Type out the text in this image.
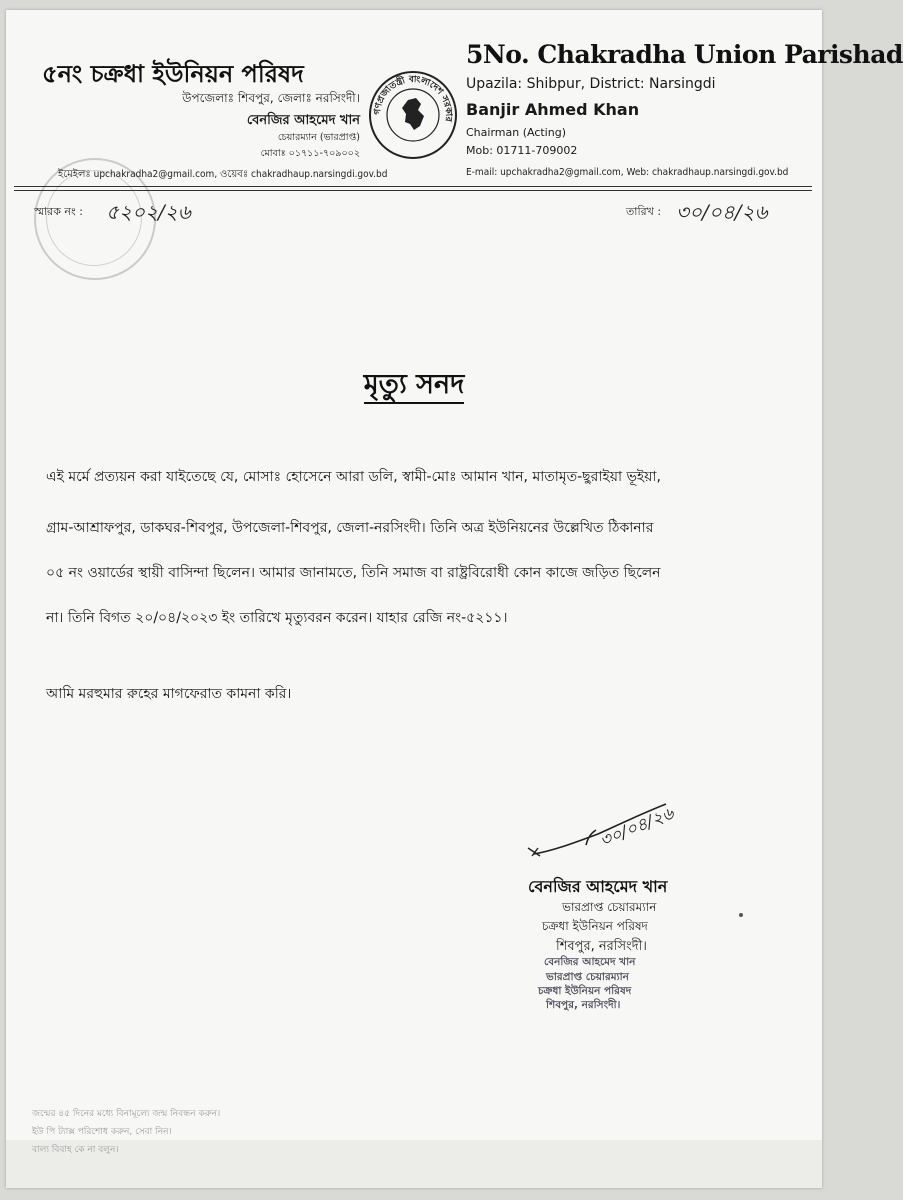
৫নং চক্রধা ইউনিয়ন পরিষদ
উপজেলাঃ শিবপুর, জেলাঃ নরসিংদী।
বেনজির আহমেদ খান
চেয়ারম্যান (ভারপ্রাপ্ত)
মোবাঃ ০১৭১১-৭০৯০০২
ইমেইলঃ upchakradha2@gmail.com, ওয়েবঃ chakradhaup.narsingdi.gov.bd
গণপ্রজাতন্ত্রী বাংলাদেশ সরকার
5No. Chakradha Union Parishad
Upazila: Shibpur, District: Narsingdi
Banjir Ahmed Khan
Chairman (Acting)
Mob: 01711-709002
E-mail: upchakradha2@gmail.com, Web: chakradhaup.narsingdi.gov.bd
স্মারক নং : ৫২০২/২৬	তারিখ : ৩০/০৪/২৬
মৃত্যু সনদ
এই মর্মে প্রত্যয়ন করা যাইতেছে যে, মোসাঃ হোসেনে আরা ডলি, স্বামী-মোঃ আমান খান, মাতামৃত-ছুরাইয়া ভূইয়া,
গ্রাম-আশ্রাফপুর, ডাকঘর-শিবপুর, উপজেলা-শিবপুর, জেলা-নরসিংদী। তিনি অত্র ইউনিয়নের উল্লেখিত ঠিকানার
০৫ নং ওয়ার্ডের স্থায়ী বাসিন্দা ছিলেন। আমার জানামতে, তিনি সমাজ বা রাষ্ট্রবিরোধী কোন কাজে জড়িত ছিলেন
না। তিনি বিগত ২০/০৪/২০২৩ ইং তারিখে মৃত্যুবরন করেন। যাহার রেজি নং-৫২১১।
আমি মরহুমার রুহের মাগফেরাত কামনা করি।
৩০/০৪/২৬
বেনজির আহমেদ খান
ভারপ্রাপ্ত চেয়ারম্যান
চক্রধা ইউনিয়ন পরিষদ
শিবপুর, নরসিংদী।
বেনজির আহমেদ খান
ভারপ্রাপ্ত চেয়ারম্যান
চক্রধা ইউনিয়ন পরিষদ
শিবপুর, নরসিংদী।
জন্মের ৪৫ দিনের মধ্যে বিনামূল্যে জন্ম নিবন্ধন করুন।
ইউ পি ট্যাক্স পরিশোধ করুন, সেবা নিন।
বাল্য বিবাহ কে না বলুন।
